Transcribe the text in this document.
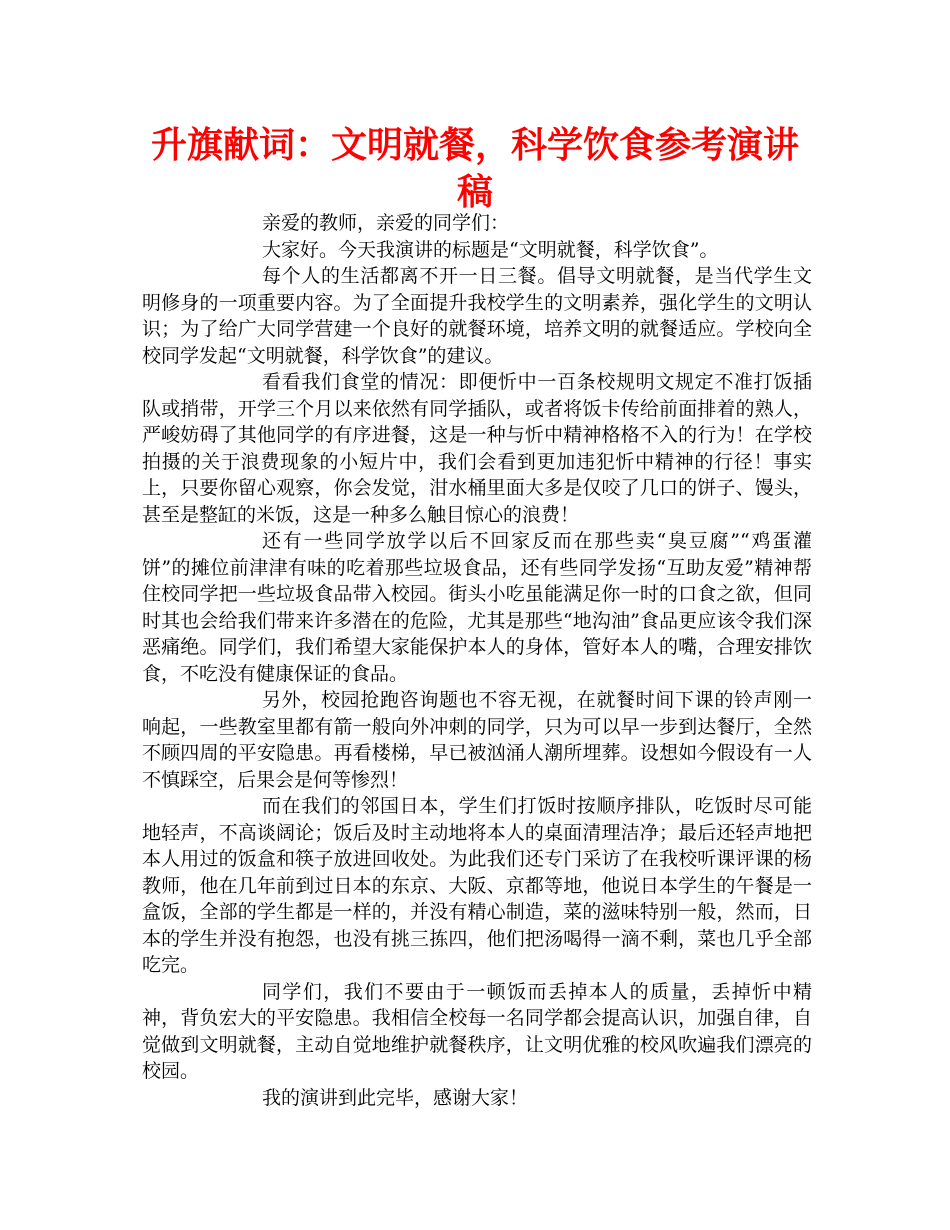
升旗献词：文明就餐，科学饮食参考演讲稿

亲爱的教师，亲爱的同学们：

大家好。今天我演讲的标题是“文明就餐，科学饮食”。

每个人的生活都离不开一日三餐。倡导文明就餐，是当代学生文明修身的一项重要内容。为了全面提升我校学生的文明素养，强化学生的文明认识；为了给广大同学营建一个良好的就餐环境，培养文明的就餐适应。学校向全校同学发起“文明就餐，科学饮食”的建议。

看看我们食堂的情况：即便忻中一百条校规明文规定不准打饭插队或捎带，开学三个月以来依然有同学插队，或者将饭卡传给前面排着的熟人，严峻妨碍了其他同学的有序进餐，这是一种与忻中精神格格不入的行为！在学校拍摄的关于浪费现象的小短片中，我们会看到更加违犯忻中精神的行径！事实上，只要你留心观察，你会发觉，泔水桶里面大多是仅咬了几口的饼子、馒头，甚至是整缸的米饭，这是一种多么触目惊心的浪费！

还有一些同学放学以后不回家反而在那些卖“臭豆腐”“鸡蛋灌饼”的摊位前津津有味的吃着那些垃圾食品，还有些同学发扬“互助友爱”精神帮住校同学把一些垃圾食品带入校园。街头小吃虽能满足你一时的口食之欲，但同时其也会给我们带来许多潜在的危险，尤其是那些“地沟油”食品更应该令我们深恶痛绝。同学们，我们希望大家能保护本人的身体，管好本人的嘴，合理安排饮食，不吃没有健康保证的食品。

另外，校园抢跑咨询题也不容无视，在就餐时间下课的铃声刚一响起，一些教室里都有箭一般向外冲刺的同学，只为可以早一步到达餐厅，全然不顾四周的平安隐患。再看楼梯，早已被汹涌人潮所埋葬。设想如今假设有一人不慎踩空，后果会是何等惨烈！

而在我们的邻国日本，学生们打饭时按顺序排队，吃饭时尽可能地轻声，不高谈阔论；饭后及时主动地将本人的桌面清理洁净；最后还轻声地把本人用过的饭盒和筷子放进回收处。为此我们还专门采访了在我校听课评课的杨教师，他在几年前到过日本的东京、大阪、京都等地，他说日本学生的午餐是一盒饭，全部的学生都是一样的，并没有精心制造，菜的滋味特别一般，然而，日本的学生并没有抱怨，也没有挑三拣四，他们把汤喝得一滴不剩，菜也几乎全部吃完。

同学们，我们不要由于一顿饭而丢掉本人的质量，丢掉忻中精神，背负宏大的平安隐患。我相信全校每一名同学都会提高认识，加强自律，自觉做到文明就餐，主动自觉地维护就餐秩序，让文明优雅的校风吹遍我们漂亮的校园。

我的演讲到此完毕，感谢大家！
